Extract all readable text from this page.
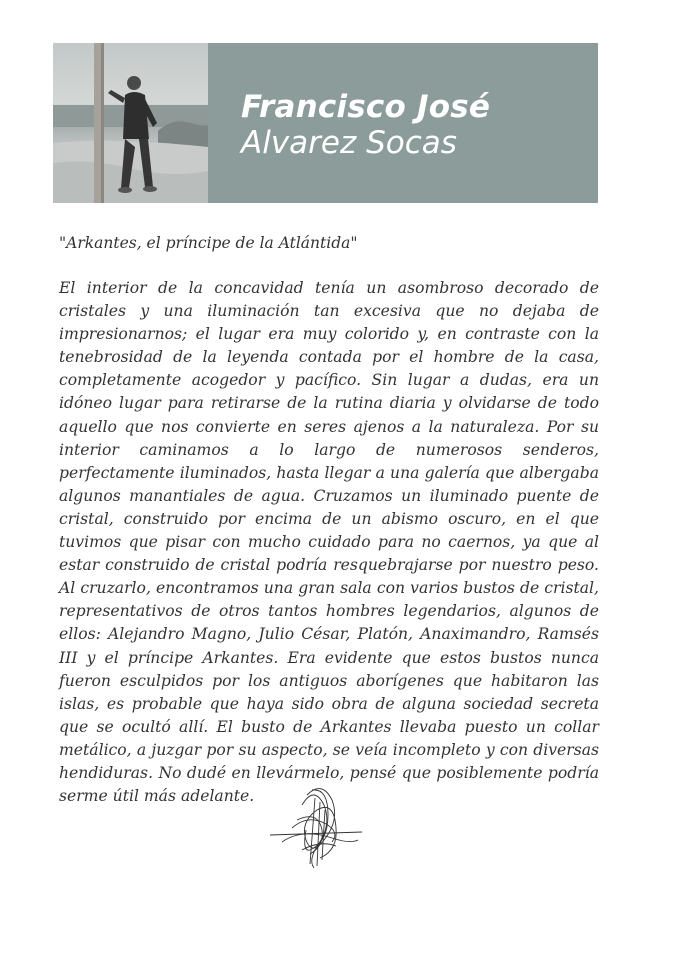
Francisco José
Alvarez Socas

"Arkantes, el príncipe de la Atlántida"

El interior de la concavidad tenía un asombroso decorado de cristales y una iluminación tan excesiva que no dejaba de impresionarnos; el lugar era muy colorido y, en contraste con la tenebrosidad de la leyenda contada por el hombre de la casa, completamente acogedor y pacífico. Sin lugar a dudas, era un idóneo lugar para retirarse de la rutina diaria y olvidarse de todo aquello que nos convierte en seres ajenos a la naturaleza. Por su interior caminamos a lo largo de numerosos senderos, perfectamente iluminados, hasta llegar a una galería que albergaba algunos manantiales de agua. Cruzamos un iluminado puente de cristal, construido por encima de un abismo oscuro, en el que tuvimos que pisar con mucho cuidado para no caernos, ya que al estar construido de cristal podría resquebrajarse por nuestro peso. Al cruzarlo, encontramos una gran sala con varios bustos de cristal, representativos de otros tantos hombres legendarios, algunos de ellos: Alejandro Magno, Julio César, Platón, Anaximandro, Ramsés III y el príncipe Arkantes. Era evidente que estos bustos nunca fueron esculpidos por los antiguos aborígenes que habitaron las islas, es probable que haya sido obra de alguna sociedad secreta que se ocultó allí. El busto de Arkantes llevaba puesto un collar metálico, a juzgar por su aspecto, se veía incompleto y con diversas hendiduras. No dudé en llevármelo, pensé que posiblemente podría serme útil más adelante.
